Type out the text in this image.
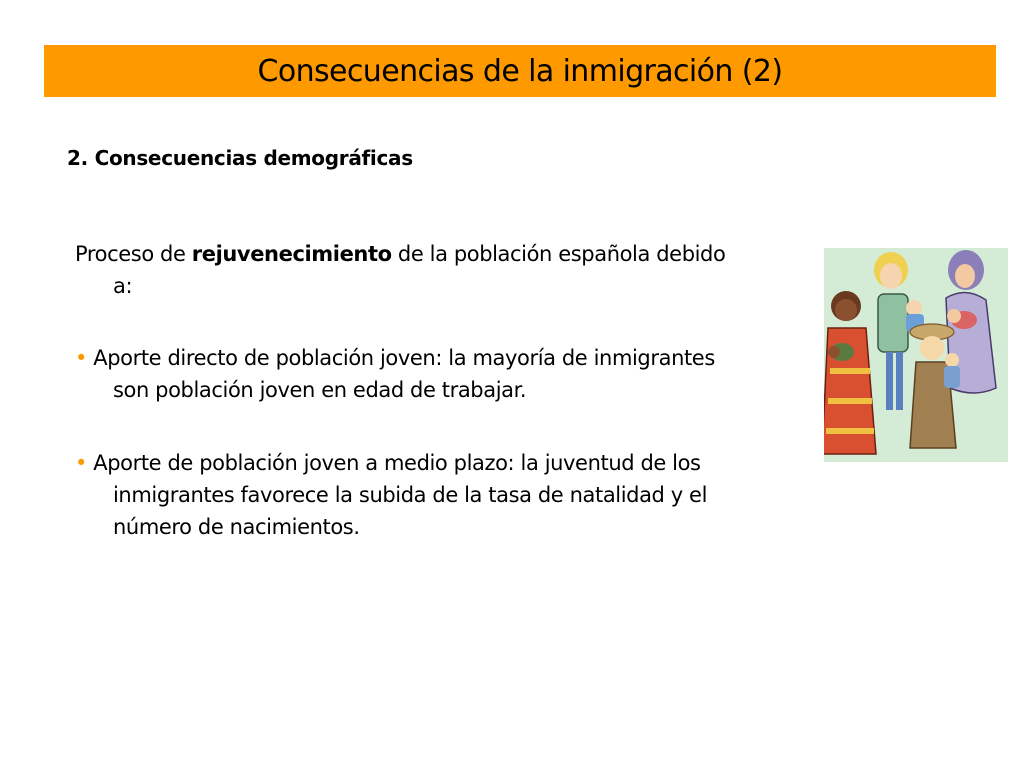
Consecuencias de la inmigración (2)

2. Consecuencias demográficas

Proceso de rejuvenecimiento de la población española debido
a:

• Aporte directo de población joven: la mayoría de inmigrantes
son población joven en edad de trabajar.

• Aporte de población joven a medio plazo: la juventud de los
inmigrantes favorece la subida de la tasa de natalidad y el
número de nacimientos.
